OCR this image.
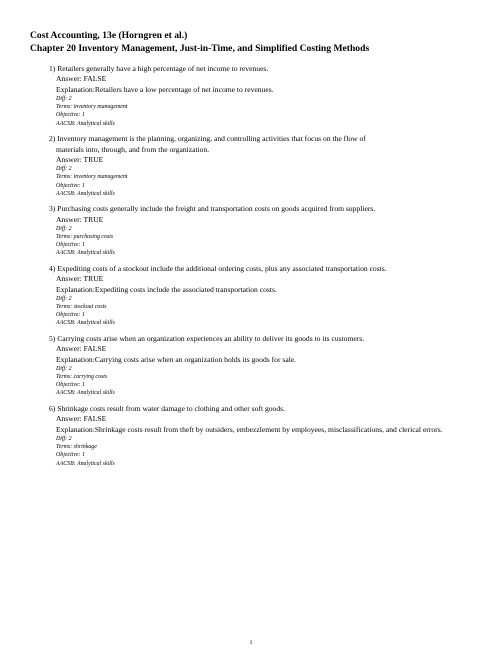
Cost Accounting, 13e (Horngren et al.)
Chapter 20 Inventory Management, Just-in-Time, and Simplified Costing Methods
1) Retailers generally have a high percentage of net income to revenues.
Answer: FALSE
Explanation: Retailers have a low percentage of net income to revenues.
Diff: 2
Terms: inventory management
Objective: 1
AACSB: Analytical skills
2) Inventory management is the planning, organizing, and controlling activities that focus on the flow of
materials into, through, and from the organization.
Answer: TRUE
Diff: 2
Terms: inventory management
Objective: 1
AACSB: Analytical skills
3) Purchasing costs generally include the freight and transportation costs on goods acquired from suppliers.
Answer: TRUE
Diff: 2
Terms: purchasing costs
Objective: 1
AACSB: Analytical skills
4) Expediting costs of a stockout include the additional ordering costs, plus any associated transportation costs.
Answer: TRUE
Explanation: Expediting costs include the associated transportation costs.
Diff: 2
Terms: stockout costs
Objective: 1
AACSB: Analytical skills
5) Carrying costs arise when an organization experiences an ability to deliver its goods to its customers.
Answer: FALSE
Explanation: Carrying costs arise when an organization holds its goods for sale.
Diff: 2
Terms: carrying costs
Objective: 1
AACSB: Analytical skills
6) Shrinkage costs result from water damage to clothing and other soft goods.
Answer: FALSE
Explanation: Shrinkage costs result from theft by outsiders, embezzlement by employees, misclassifications, and clerical errors.
Diff: 2
Terms: shrinkage
Objective: 1
AACSB: Analytical skills
1
